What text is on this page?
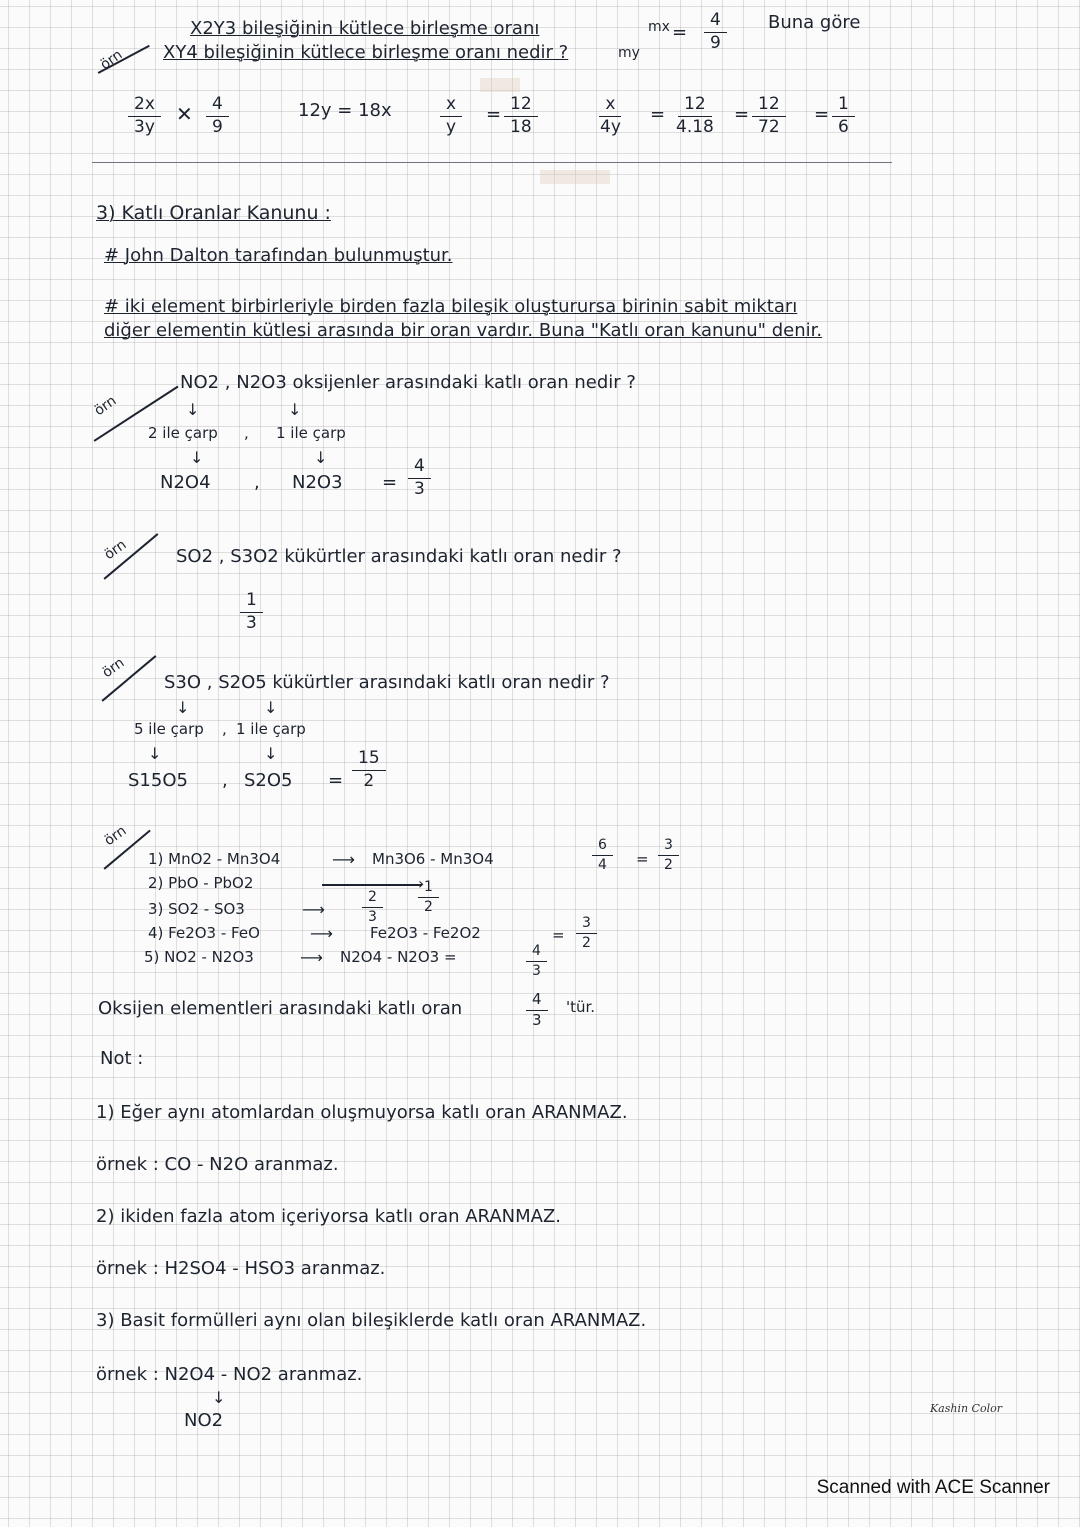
örn
X2Y3 bileşiğinin kütlece birleşme oranı	mx
XY4 bileşiğinin kütlece birleşme oranı nedir ?	my
= $\frac{4}{9}$ Buna göre
$\frac{2x}{3y}$ ✕ $\frac{4}{9}$	12y = 18x	$\frac{x}{y} = \frac{12}{18}$	$\frac{x}{4y} = \frac{12}{4.18} = \frac{12}{72} = \frac{1}{6}$
3) Katlı Oranlar Kanunu :
# John Dalton tarafından bulunmuştur.
# iki element birbirleriyle birden fazla bileşik oluşturursa birinin sabit miktarı
diğer elementin kütlesi arasında bir oran vardır. Buna "Katlı oran kanunu" denir.
örn
NO2 , N2O3 oksijenler arasındaki katlı oran nedir ?
↓	↓
2 ile çarp , 1 ile çarp
↓	↓
N2O4 , $N2O3 = \frac{4}{3}$
örn	SO2 , S3O2 kükürtler arasındaki katlı oran nedir ?
$\frac{1}{3}$
örn
S3O , S2O5 kükürtler arasındaki katlı oran nedir ?
↓	↓
5 ile çarp , 1 ile çarp
↓	↓
S15O5 , $S2O5 = \frac{15}{2}$
örn
1) MnO2 - Mn3O4	⟶ Mn3O6 - Mn3O4	$\frac{6}{4} = \frac{3}{2}$
2) PbO - PbO2	›
$\frac{1}{2}$
3) SO2 - SO3	⟶	$\frac{2}{3}$
4) Fe2O3 - FeO	⟶ Fe2O3 - Fe2O2	= $\frac{3}{2}$
5) NO2 - N2O3	⟶ N2O4 - N2O3 =	$\frac{4}{3}$
Oksijen elementleri arasındaki katlı oran	$\frac{4}{3}$ 'tür.
Not :
1) Eğer aynı atomlardan oluşmuyorsa katlı oran ARANMAZ.
örnek : CO - N2O aranmaz.
2) ikiden fazla atom içeriyorsa katlı oran ARANMAZ.
örnek : H2SO4 - HSO3 aranmaz.
3) Basit formülleri aynı olan bileşiklerde katlı oran ARANMAZ.
örnek : N2O4 - NO2 aranmaz.
↓
NO2
Kashin Color
Scanned with ACE Scanner
